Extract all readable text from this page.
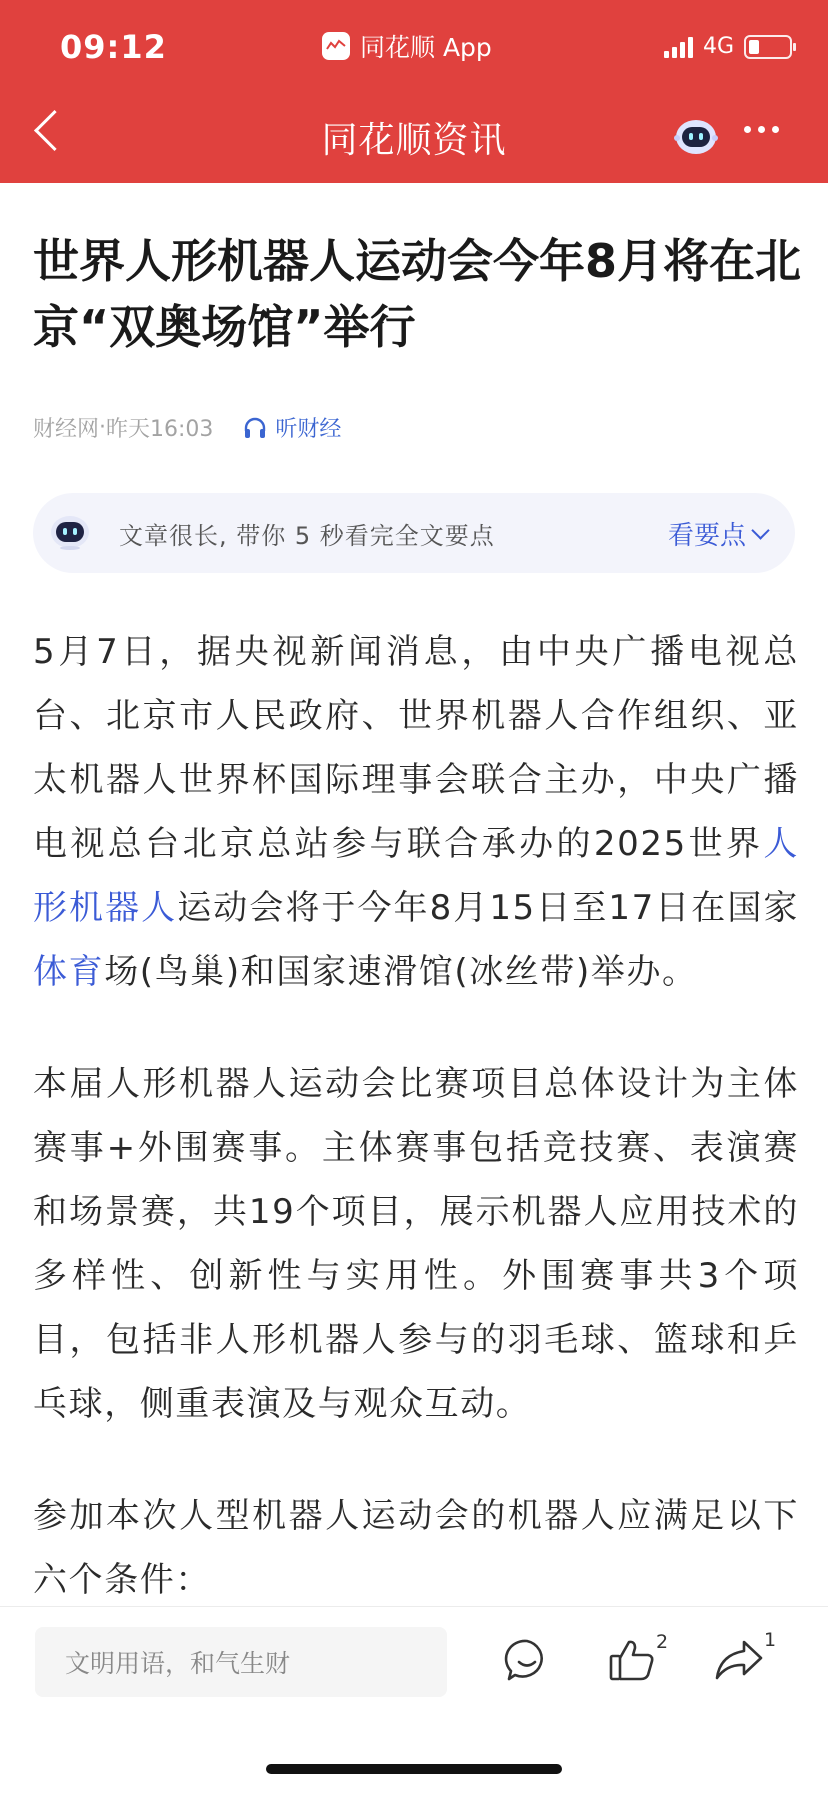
09:12	同花顺 App	4G
同花顺资讯
世界人形机器人运动会今年8月将在北京“双奥场馆”举行
财经网 · 昨天16:03	听财经
文章很长, 带你 5 秒看完全文要点	看要点
5月7日，据央视新闻消息，由中央广播电视总台、北京市人民政府、世界机器人合作组织、亚太机器人世界杯国际理事会联合主办，中央广播电视总台北京总站参与联合承办的2025世界人形机器人运动会将于今年8月15日至17日在国家体育场(鸟巢)和国家速滑馆(冰丝带)举办。
本届人形机器人运动会比赛项目总体设计为主体赛事+外围赛事。主体赛事包括竞技赛、表演赛和场景赛，共19个项目，展示机器人应用技术的多样性、创新性与实用性。外围赛事共3个项目，包括非人形机器人参与的羽毛球、篮球和乒乓球，侧重表演及与观众互动。
参加本次人型机器人运动会的机器人应满足以下六个条件：
文明用语，和气生财
2	1
